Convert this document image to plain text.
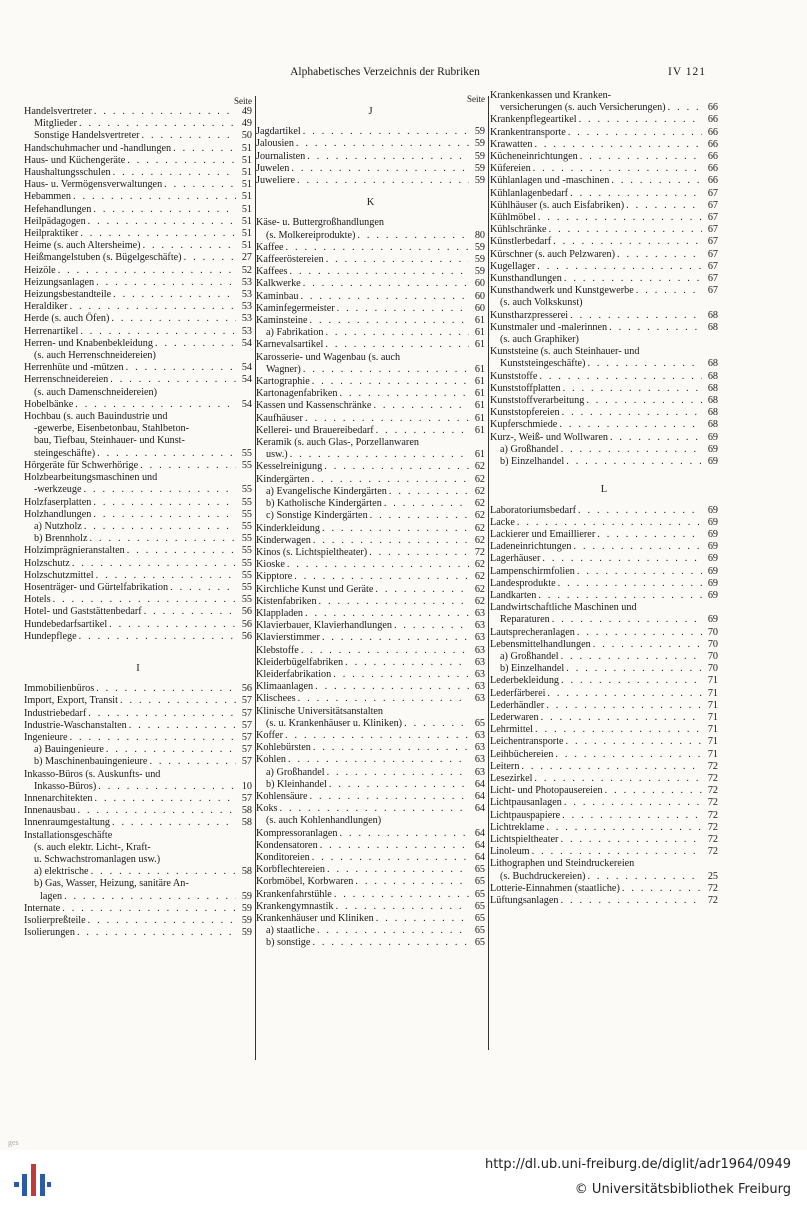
Alphabetisches Verzeichnis der Rubriken	IV 121
Seite
Handelsvertreter . . .	49
Mitglieder . . .	49
Sonstige Handelsvertreter . . .	50
Handschuhmacher und -handlungen . . .	51
Haus- und Küchengeräte . . .	51
Haushaltungsschulen . . .	51
Haus- u. Vermögensverwaltungen . . .	51
Hebammen . . .	51
Hefehandlungen . . .	51
Heilpädagogen . . .	51
Heilpraktiker . . .	51
Heime (s. auch Altersheime) . . .	51
Heißmangelstuben (s. Bügelgeschäfte) . . .	27
Heizöle . . .	52
Heizungsanlagen . . .	53
Heizungsbestandteile . . .	53
Heraldiker . . .	53
Herde (s. auch Öfen) . . .	53
Herrenartikel . . .	53
Herren- und Knabenbekleidung . . .	54
(s. auch Herrenschneidereien)
Herrenhüte und -mützen . . .	54
Herrenschneidereien . . .	54
(s. auch Damenschneidereien)
Hobelbänke . . .	54
Hochbau (s. auch Bauindustrie und
-gewerbe, Eisenbetonbau, Stahlbeton-
bau, Tiefbau, Steinhauer- und Kunst-
steingeschäfte) . . .	55
Hörgeräte für Schwerhörige . . .	55
Holzbearbeitungsmaschinen und
-werkzeuge . . .	55
Holzfaserplatten . . .	55
Holzhandlungen . . .	55
a) Nutzholz . . .	55
b) Brennholz . . .	55
Holzimprägnieranstalten . . .	55
Holzschutz . . .	55
Holzschutzmittel . . .	55
Hosenträger- und Gürtelfabrikation . . .	55
Hotels . . .	55
Hotel- und Gaststättenbedarf . . .	56
Hundebedarfsartikel . . .	56
Hundepflege . . .	56
I
Immobilienbüros . . .	56
Import, Export, Transit . . .	57
Industriebedarf . . .	57
Industrie-Waschanstalten . . .	57
Ingenieure . . .	57
a) Bauingenieure . . .	57
b) Maschinenbauingenieure . . .	57
Inkasso-Büros (s. Auskunfts- und
Inkasso-Büros) . . .	10
Innenarchitekten . . .	57
Innenausbau . . .	58
Innenraumgestaltung . . .	58
Installationsgeschäfte
(s. auch elektr. Licht-, Kraft-
u. Schwachstromanlagen usw.)
a) elektrische . . .	58
b) Gas, Wasser, Heizung, sanitäre An-
lagen . . .	59
Internate . . .	59
Isolierpreßteile . . .	59
Isolierungen . . .	59
Seite
J
Jagdartikel . . .	59
Jalousien . . .	59
Journalisten . . .	59
Juwelen . . .	59
Juweliere . . .	59
K
Käse- u. Buttergroßhandlungen
(s. Molkereiprodukte) . . .	80
Kaffee . . .	59
Kaffeeröstereien . . .	59
Kaffees . . .	59
Kalkwerke . . .	60
Kaminbau . . .	60
Kaminfegermeister . . .	60
Kaminsteine . . .	61
a) Fabrikation . . .	61
Karnevalsartikel . . .	61
Karosserie- und Wagenbau (s. auch
Wagner) . . .	61
Kartographie . . .	61
Kartonagenfabriken . . .	61
Kassen und Kassenschränke . . .	61
Kaufhäuser . . .	61
Kellerei- und Brauereibedarf . . .	61
Keramik (s. auch Glas-, Porzellanwaren
usw.) . . .	61
Kesselreinigung . . .	62
Kindergärten . . .	62
a) Evangelische Kindergärten . . .	62
b) Katholische Kindergärten . . .	62
c) Sonstige Kindergärten . . .	62
Kinderkleidung . . .	62
Kinderwagen . . .	62
Kinos (s. Lichtspieltheater) . . .	72
Kioske . . .	62
Kipptore . . .	62
Kirchliche Kunst und Geräte . . .	62
Kistenfabriken . . .	62
Klappladen . . .	63
Klavierbauer, Klavierhandlungen . . .	63
Klavierstimmer . . .	63
Klebstoffe . . .	63
Kleiderbügelfabriken . . .	63
Kleiderfabrikation . . .	63
Klimaanlagen . . .	63
Klischees . . .	63
Klinische Universitätsanstalten
(s. u. Krankenhäuser u. Kliniken) . . .	65
Koffer . . .	63
Kohlebürsten . . .	63
Kohlen . . .	63
a) Großhandel . . .	63
b) Kleinhandel . . .	64
Kohlensäure . . .	64
Koks . . .	64
(s. auch Kohlenhandlungen)
Kompressoranlagen . . .	64
Kondensatoren . . .	64
Konditoreien . . .	64
Korbflechtereien . . .	65
Korbmöbel, Korbwaren . . .	65
Krankenfahrstühle . . .	65
Krankengymnastik . . .	65
Krankenhäuser und Kliniken . . .	65
a) staatliche . . .	65
b) sonstige . . .	65
Krankenkassen und Kranken-
versicherungen (s. auch Versicherungen) . . .	66
Krankenpflegeartikel . . .	66
Krankentransporte . . .	66
Krawatten . . .	66
Kücheneinrichtungen . . .	66
Küfereien . . .	66
Kühlanlagen und -maschinen . . .	66
Kühlanlagenbedarf . . .	67
Kühlhäuser (s. auch Eisfabriken) . . .	67
Kühlmöbel . . .	67
Kühlschränke . . .	67
Künstlerbedarf . . .	67
Kürschner (s. auch Pelzwaren) . . .	67
Kugellager . . .	67
Kunsthandlungen . . .	67
Kunsthandwerk und Kunstgewerbe . . .	67
(s. auch Volkskunst)
Kunstharzpresserei . . .	68
Kunstmaler und -malerinnen . . .	68
(s. auch Graphiker)
Kunststeine (s. auch Steinhauer- und
Kunststeingeschäfte) . . .	68
Kunststoffe . . .	68
Kunststoffplatten . . .	68
Kunststoffverarbeitung . . .	68
Kunststopfereien . . .	68
Kupferschmiede . . .	68
Kurz-, Weiß- und Wollwaren . . .	69
a) Großhandel . . .	69
b) Einzelhandel . . .	69
L
Laboratoriumsbedarf . . .	69
Lacke . . .	69
Lackierer und Emaillierer . . .	69
Ladeneinrichtungen . . .	69
Lagerhäuser . . .	69
Lampenschirmfolien . . .	69
Landesprodukte . . .	69
Landkarten . . .	69
Landwirtschaftliche Maschinen und
Reparaturen . . .	69
Lautsprecheranlagen . . .	70
Lebensmittelhandlungen . . .	70
a) Großhandel . . .	70
b) Einzelhandel . . .	70
Lederbekleidung . . .	71
Lederfärberei . . .	71
Lederhändler . . .	71
Lederwaren . . .	71
Lehrmittel . . .	71
Leichentransporte . . .	71
Leihbüchereien . . .	71
Leitern . . .	72
Lesezirkel . . .	72
Licht- und Photopausereien . . .	72
Lichtpausanlagen . . .	72
Lichtpauspapiere . . .	72
Lichtreklame . . .	72
Lichtspieltheater . . .	72
Linoleum . . .	72
Lithographen und Steindruckereien
(s. Buchdruckereien) . . .	25
Lotterie-Einnahmen (staatliche) . . .	72
Lüftungsanlagen . . .	72
ges
http://dl.ub.uni-freiburg.de/diglit/adr1964/0949
© Universitätsbibliothek Freiburg
